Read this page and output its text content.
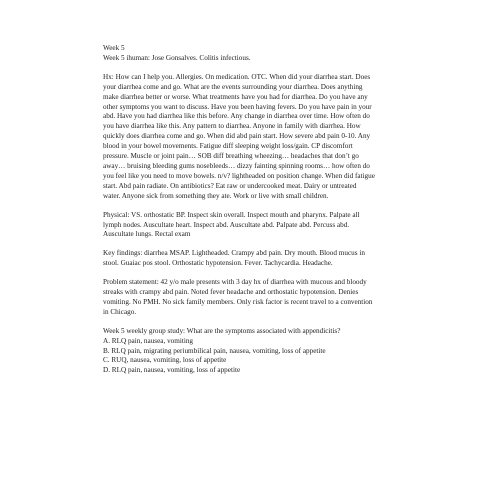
Week 5

Week 5 ihuman: Jose Gonsalves. Colitis infectious.

Hx: How can I help you. Allergies. On medication. OTC. When did your diarrhea start. Does your diarrhea come and go. What are the events surrounding your diarrhea. Does anything make diarrhea better or worse. What treatments have you had for diarrhea. Do you have any other symptoms you want to discuss. Have you been having fevers. Do you have pain in your abd. Have you had diarrhea like this before. Any change in diarrhea over time. How often do you have diarrhea like this. Any pattern to diarrhea. Anyone in family with diarrhea. How quickly does diarrhea come and go. When did abd pain start. How severe abd pain 0-10. Any blood in your bowel movements. Fatigue diff sleeping weight loss/gain. CP discomfort pressure. Muscle or joint pain… SOB diff breathing wheezing… headaches that don’t go away… bruising bleeding gums nosebleeds… dizzy fainting spinning rooms… how often do you feel like you need to move bowels. n/v? lightheaded on position change. When did fatigue start. Abd pain radiate. On antibiotics? Eat raw or undercooked meat. Dairy or untreated water. Anyone sick from something they ate. Work or live with small children.

Physical: VS. orthostatic BP. Inspect skin overall. Inspect mouth and pharynx. Palpate all lymph nodes. Auscultate heart. Inspect abd. Auscultate abd. Palpate abd. Percuss abd. Auscultate lungs. Rectal exam

Key findings: diarrhea MSAP. Lightheaded. Crampy abd pain. Dry mouth. Blood mucus in stool. Guaiac pos stool. Orthostatic hypotension. Fever. Tachycardia. Headache.

Problem statement: 42 y/o male presents with 3 day hx of diarrhea with mucous and bloody streaks with crampy abd pain. Noted fever headache and orthostatic hypotension. Denies vomiting. No PMH. No sick family members. Only risk factor is recent travel to a convention in Chicago.

Week 5 weekly group study: What are the symptoms associated with appendicitis?

A. RLQ pain, nausea, vomiting
B. RLQ pain, migrating periumbilical pain, nausea, vomiting, loss of appetite
C. RUQ, nausea, vomiting, loss of appetite
D. RLQ pain, nausea, vomiting, loss of appetite
